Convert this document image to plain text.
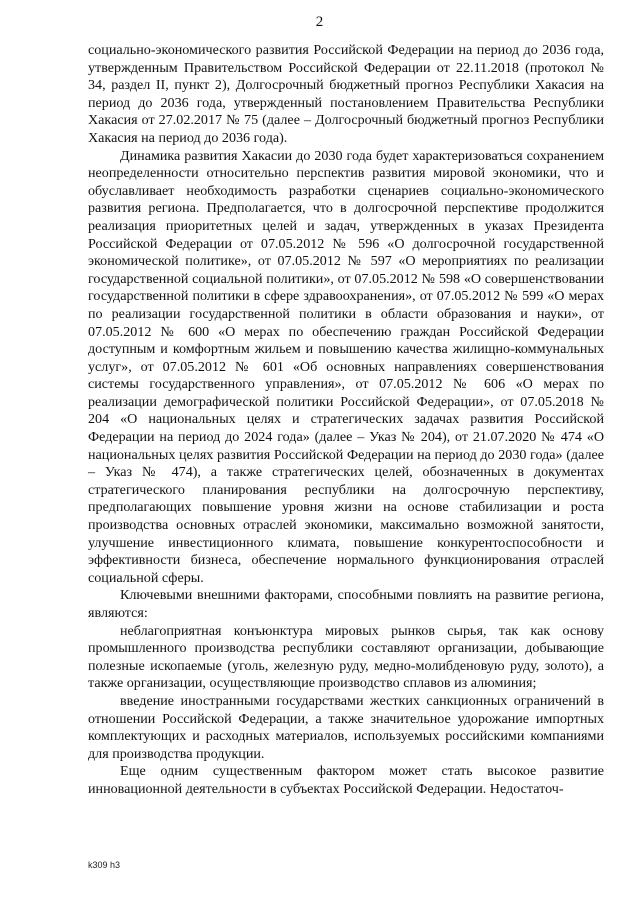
2

социально-экономического развития Российской Федерации на период до 2036 года, утвержденным Правительством Российской Федерации от 22.11.2018 (протокол № 34, раздел II, пункт 2), Долгосрочный бюджетный прогноз Республики Хакасия на период до 2036 года, утвержденный постановлением Правительства Республики Хакасия от 27.02.2017 № 75 (далее – Долгосрочный бюджетный прогноз Республики Хакасия на период до 2036 года).

Динамика развития Хакасии до 2030 года будет характеризоваться сохранением неопределенности относительно перспектив развития мировой экономики, что и обуславливает необходимость разработки сценариев социально-экономического развития региона. Предполагается, что в долгосрочной перспективе продолжится реализация приоритетных целей и задач, утвержденных в указах Президента Российской Федерации от 07.05.2012 № 596 «О долгосрочной государственной экономической политике», от 07.05.2012 № 597 «О мероприятиях по реализации государственной социальной политики», от 07.05.2012 № 598 «О совершенствовании государственной политики в сфере здравоохранения», от 07.05.2012 № 599 «О мерах по реализации государственной политики в области образования и науки», от 07.05.2012 № 600 «О мерах по обеспечению граждан Российской Федерации доступным и комфортным жильем и повышению качества жилищно-коммунальных услуг», от 07.05.2012 № 601 «Об основных направлениях совершенствования системы государственного управления», от 07.05.2012 № 606 «О мерах по реализации демографической политики Российской Федерации», от 07.05.2018 № 204 «О национальных целях и стратегических задачах развития Российской Федерации на период до 2024 года» (далее – Указ № 204), от 21.07.2020 № 474 «О национальных целях развития Российской Федерации на период до 2030 года» (далее – Указ № 474), а также стратегических целей, обозначенных в документах стратегического планирования республики на долгосрочную перспективу, предполагающих повышение уровня жизни на основе стабилизации и роста производства основных отраслей экономики, максимально возможной занятости, улучшение инвестиционного климата, повышение конкурентоспособности и эффективности бизнеса, обеспечение нормального функционирования отраслей социальной сферы.

Ключевыми внешними факторами, способными повлиять на развитие региона, являются:

неблагоприятная конъюнктура мировых рынков сырья, так как основу промышленного производства республики составляют организации, добывающие полезные ископаемые (уголь, железную руду, медно-молибденовую руду, золото), а также организации, осуществляющие производство сплавов из алюминия;

введение иностранными государствами жестких санкционных ограничений в отношении Российской Федерации, а также значительное удорожание импортных комплектующих и расходных материалов, используемых российскими компаниями для производства продукции.

Еще одним существенным фактором может стать высокое развитие инновационной деятельности в субъектах Российской Федерации. Недостаточ-

k309 h3
